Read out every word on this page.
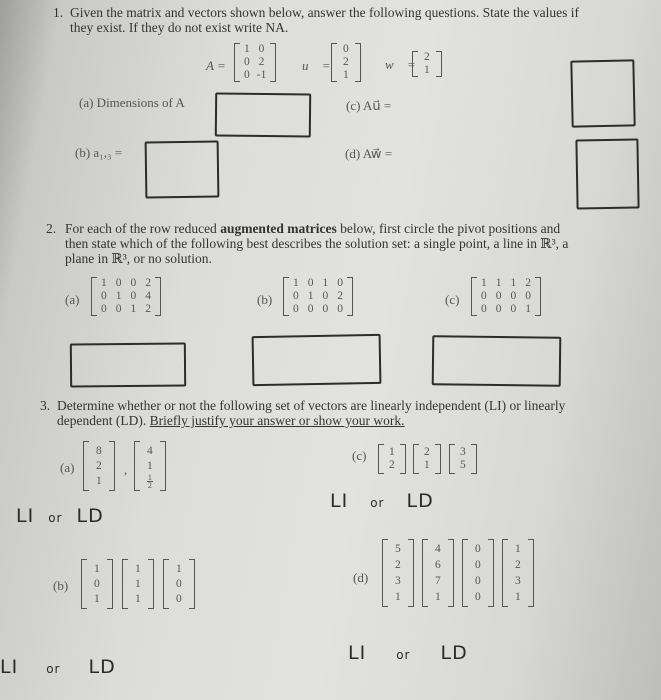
1. Given the matrix and vectors shown below, answer the following questions. State the values if
they exist. If they do not exist write NA.
A =
1 0
0 2
0 -1
u⃗ =
0
2
1
w⃗ = 2
1
(a) Dimensions of A
(b) a₁,₃ =
(c) Au⃗ =
(d) Aw⃗ =
2. For each of the row reduced augmented matrices below, first circle the pivot positions and
then state which of the following best describes the solution set: a single point, a line in ℝ³, a
plane in ℝ³, or no solution.
(a)
1 0 0 2
0 1 0 4
0 0 1 2
(b)
1 0 1 0
0 1 0 2
0 0 0 0
(c)
1 1 1 2
0 0 0 0
0 0 0 1
3. Determine whether or not the following set of vectors are linearly independent (LI) or linearly
dependent (LD). Briefly justify your answer or show your work.
(a)
8
2
1
,
4
1
$\frac{1}{2}$
(c) 1
2
2
1
3
5
LI or LD
LI or LD
(b)
1
0
1
1
1
1
1
0
0
(d)
5
2
3
1
4
6
7
1
0
0
0
0
1
2
3
1
LI or LD
LI	or LD
